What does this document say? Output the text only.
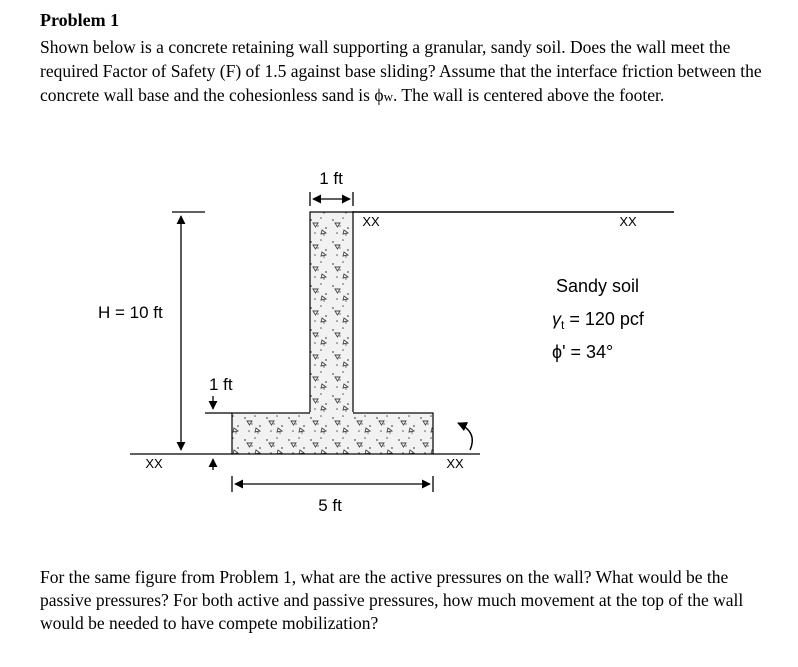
Problem 1
Shown below is a concrete retaining wall supporting a granular, sandy soil. Does the wall meet the required Factor of Safety (F) of 1.5 against base sliding? Assume that the interface friction between the concrete wall base and the cohesionless sand is ϕw. The wall is centered above the footer.
1 ft
H = 10 ft
1 ft
5 ft
XX	XX
XX	XX
Sandy soil
$\gamma_t = 120$ pcf
ϕ' = 34°
For the same figure from Problem 1, what are the active pressures on the wall? What would be the passive pressures? For both active and passive pressures, how much movement at the top of the wall would be needed to have compete mobilization?
